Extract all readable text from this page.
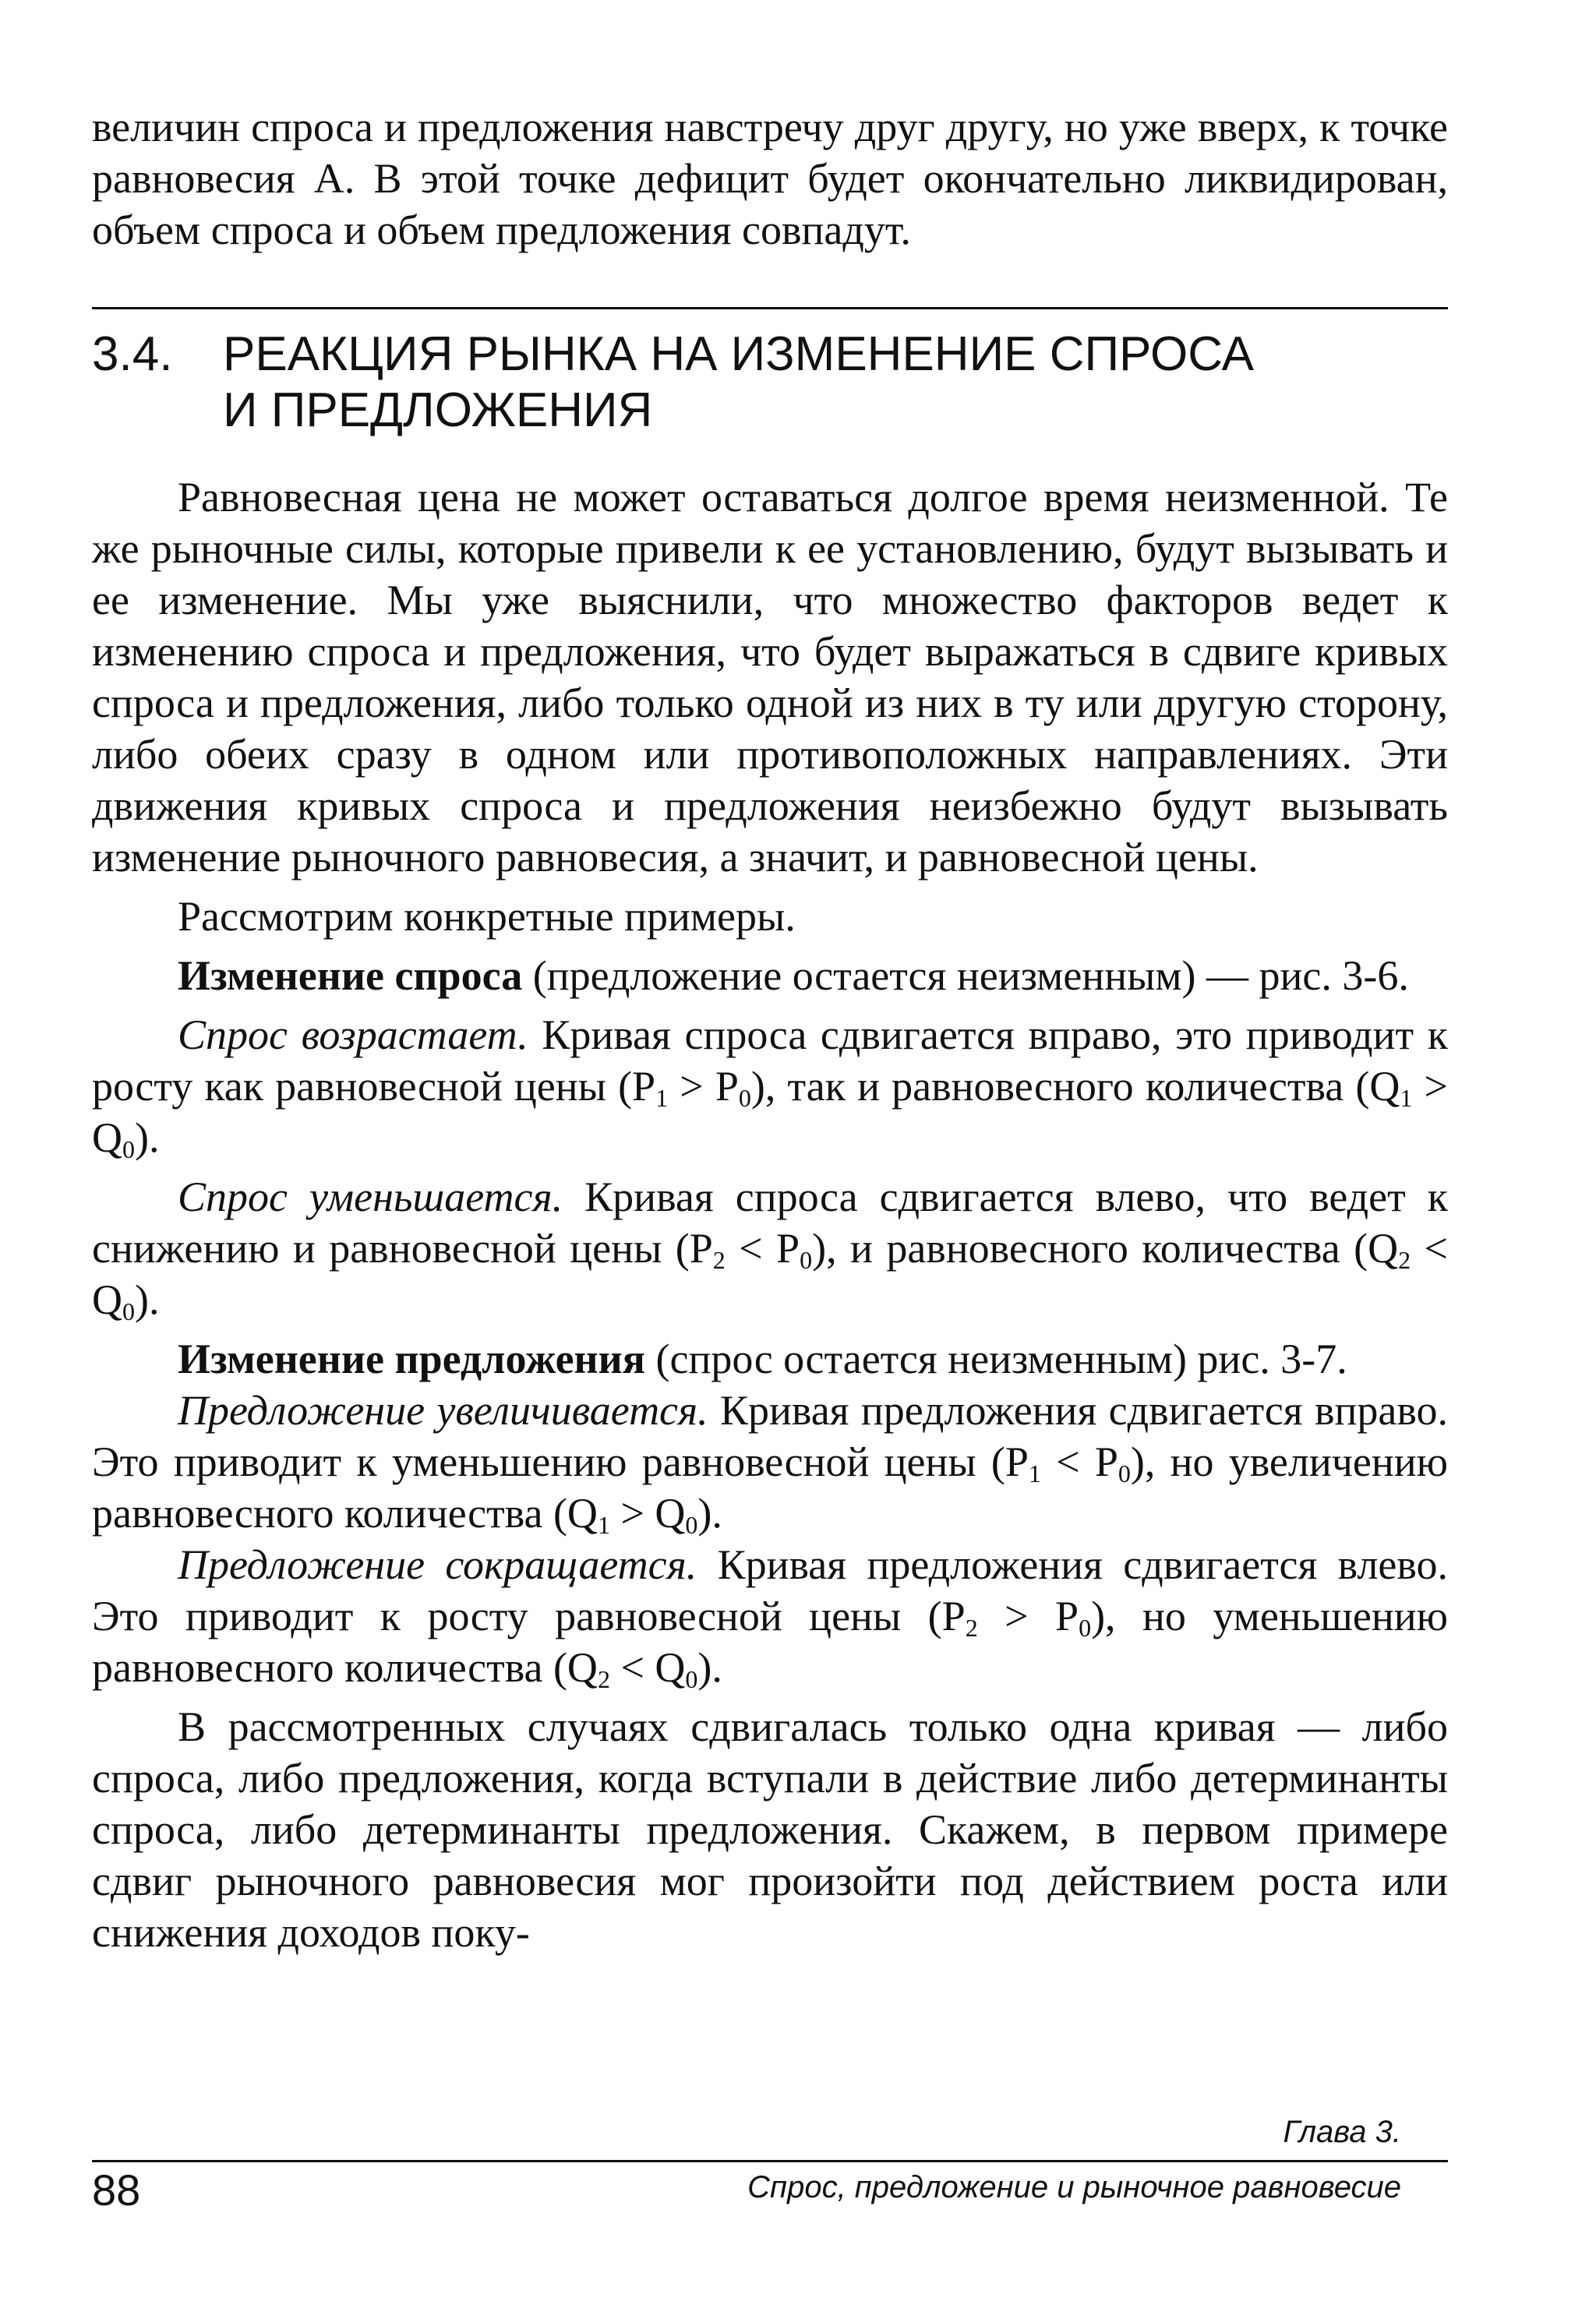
величин спроса и предложения навстречу друг другу, но уже вверх, к точке равновесия А. В этой точке дефицит будет окончательно ликвидирован, объем спроса и объем предложения совпадут.

3.4.	РЕАКЦИЯ РЫНКА НА ИЗМЕНЕНИЕ СПРОСА
И ПРЕДЛОЖЕНИЯ

Равновесная цена не может оставаться долгое время неизменной. Те же рыночные силы, которые привели к ее установлению, будут вызывать и ее изменение. Мы уже выяснили, что множество факторов ведет к изменению спроса и предложения, что будет выражаться в сдвиге кривых спроса и предложения, либо только одной из них в ту или другую сторону, либо обеих сразу в одном или противоположных направлениях. Эти движения кривых спроса и предложения неизбежно будут вызывать изменение рыночного равновесия, а значит, и равновесной цены.

Рассмотрим конкретные примеры.

Изменение спроса (предложение остается неизменным) — рис. 3-6.

Спрос возрастает. Кривая спроса сдвигается вправо, это приводит к росту как равновесной цены $(P_1 > P_0)$, так и равновесного количества $(Q_1 > Q_0)$.

Спрос уменьшается. Кривая спроса сдвигается влево, что ведет к снижению и равновесной цены $(P_2 < P_0)$, и равновесного количества $(Q_2 < Q_0)$.

Изменение предложения (спрос остается неизменным) рис. 3-7.

Предложение увеличивается. Кривая предложения сдвигается вправо. Это приводит к уменьшению равновесной цены $(P_1 < P_0)$, но увеличению равновесного количества $(Q_1 > Q_0)$.

Предложение сокращается. Кривая предложения сдвигается влево. Это приводит к росту равновесной цены $(P_2 > P_0)$, но уменьшению равновесного количества $(Q_2 < Q_0)$.

В рассмотренных случаях сдвигалась только одна кривая — либо спроса, либо предложения, когда вступали в действие либо детерминанты спроса, либо детерминанты предложения. Скажем, в первом примере сдвиг рыночного равновесия мог произойти под действием роста или снижения доходов поку-

Глава 3.
88	Спрос, предложение и рыночное равновесие
